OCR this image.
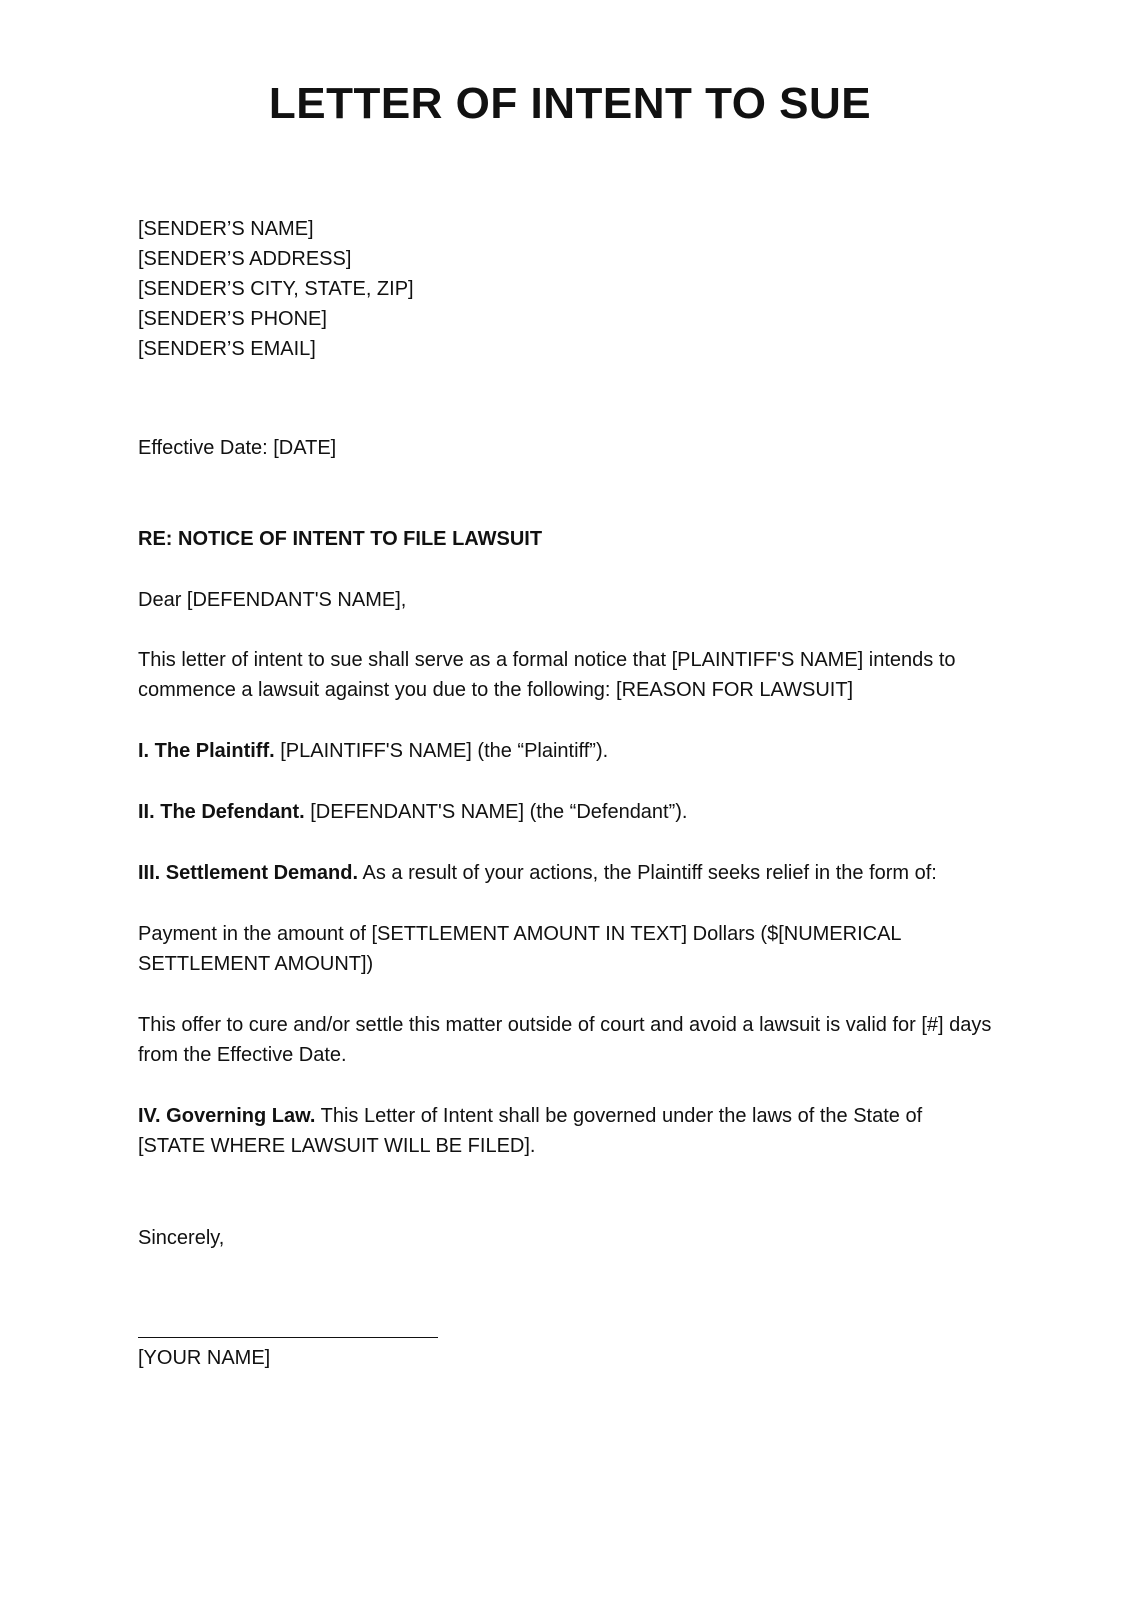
LETTER OF INTENT TO SUE
[SENDER’S NAME]
[SENDER’S ADDRESS]
[SENDER’S CITY, STATE, ZIP]
[SENDER’S PHONE]
[SENDER’S EMAIL]
Effective Date: [DATE]
RE: NOTICE OF INTENT TO FILE LAWSUIT
Dear [DEFENDANT'S NAME],

This letter of intent to sue shall serve as a formal notice that [PLAINTIFF'S NAME] intends to commence a lawsuit against you due to the following: [REASON FOR LAWSUIT]

I. The Plaintiff. [PLAINTIFF'S NAME] (the “Plaintiff”).

II. The Defendant. [DEFENDANT'S NAME] (the “Defendant”).

III. Settlement Demand. As a result of your actions, the Plaintiff seeks relief in the form of:

Payment in the amount of [SETTLEMENT AMOUNT IN TEXT] Dollars ($[NUMERICAL SETTLEMENT AMOUNT])

This offer to cure and/or settle this matter outside of court and avoid a lawsuit is valid for [#] days from the Effective Date.

IV. Governing Law. This Letter of Intent shall be governed under the laws of the State of [STATE WHERE LAWSUIT WILL BE FILED].

Sincerely,
[YOUR NAME]
